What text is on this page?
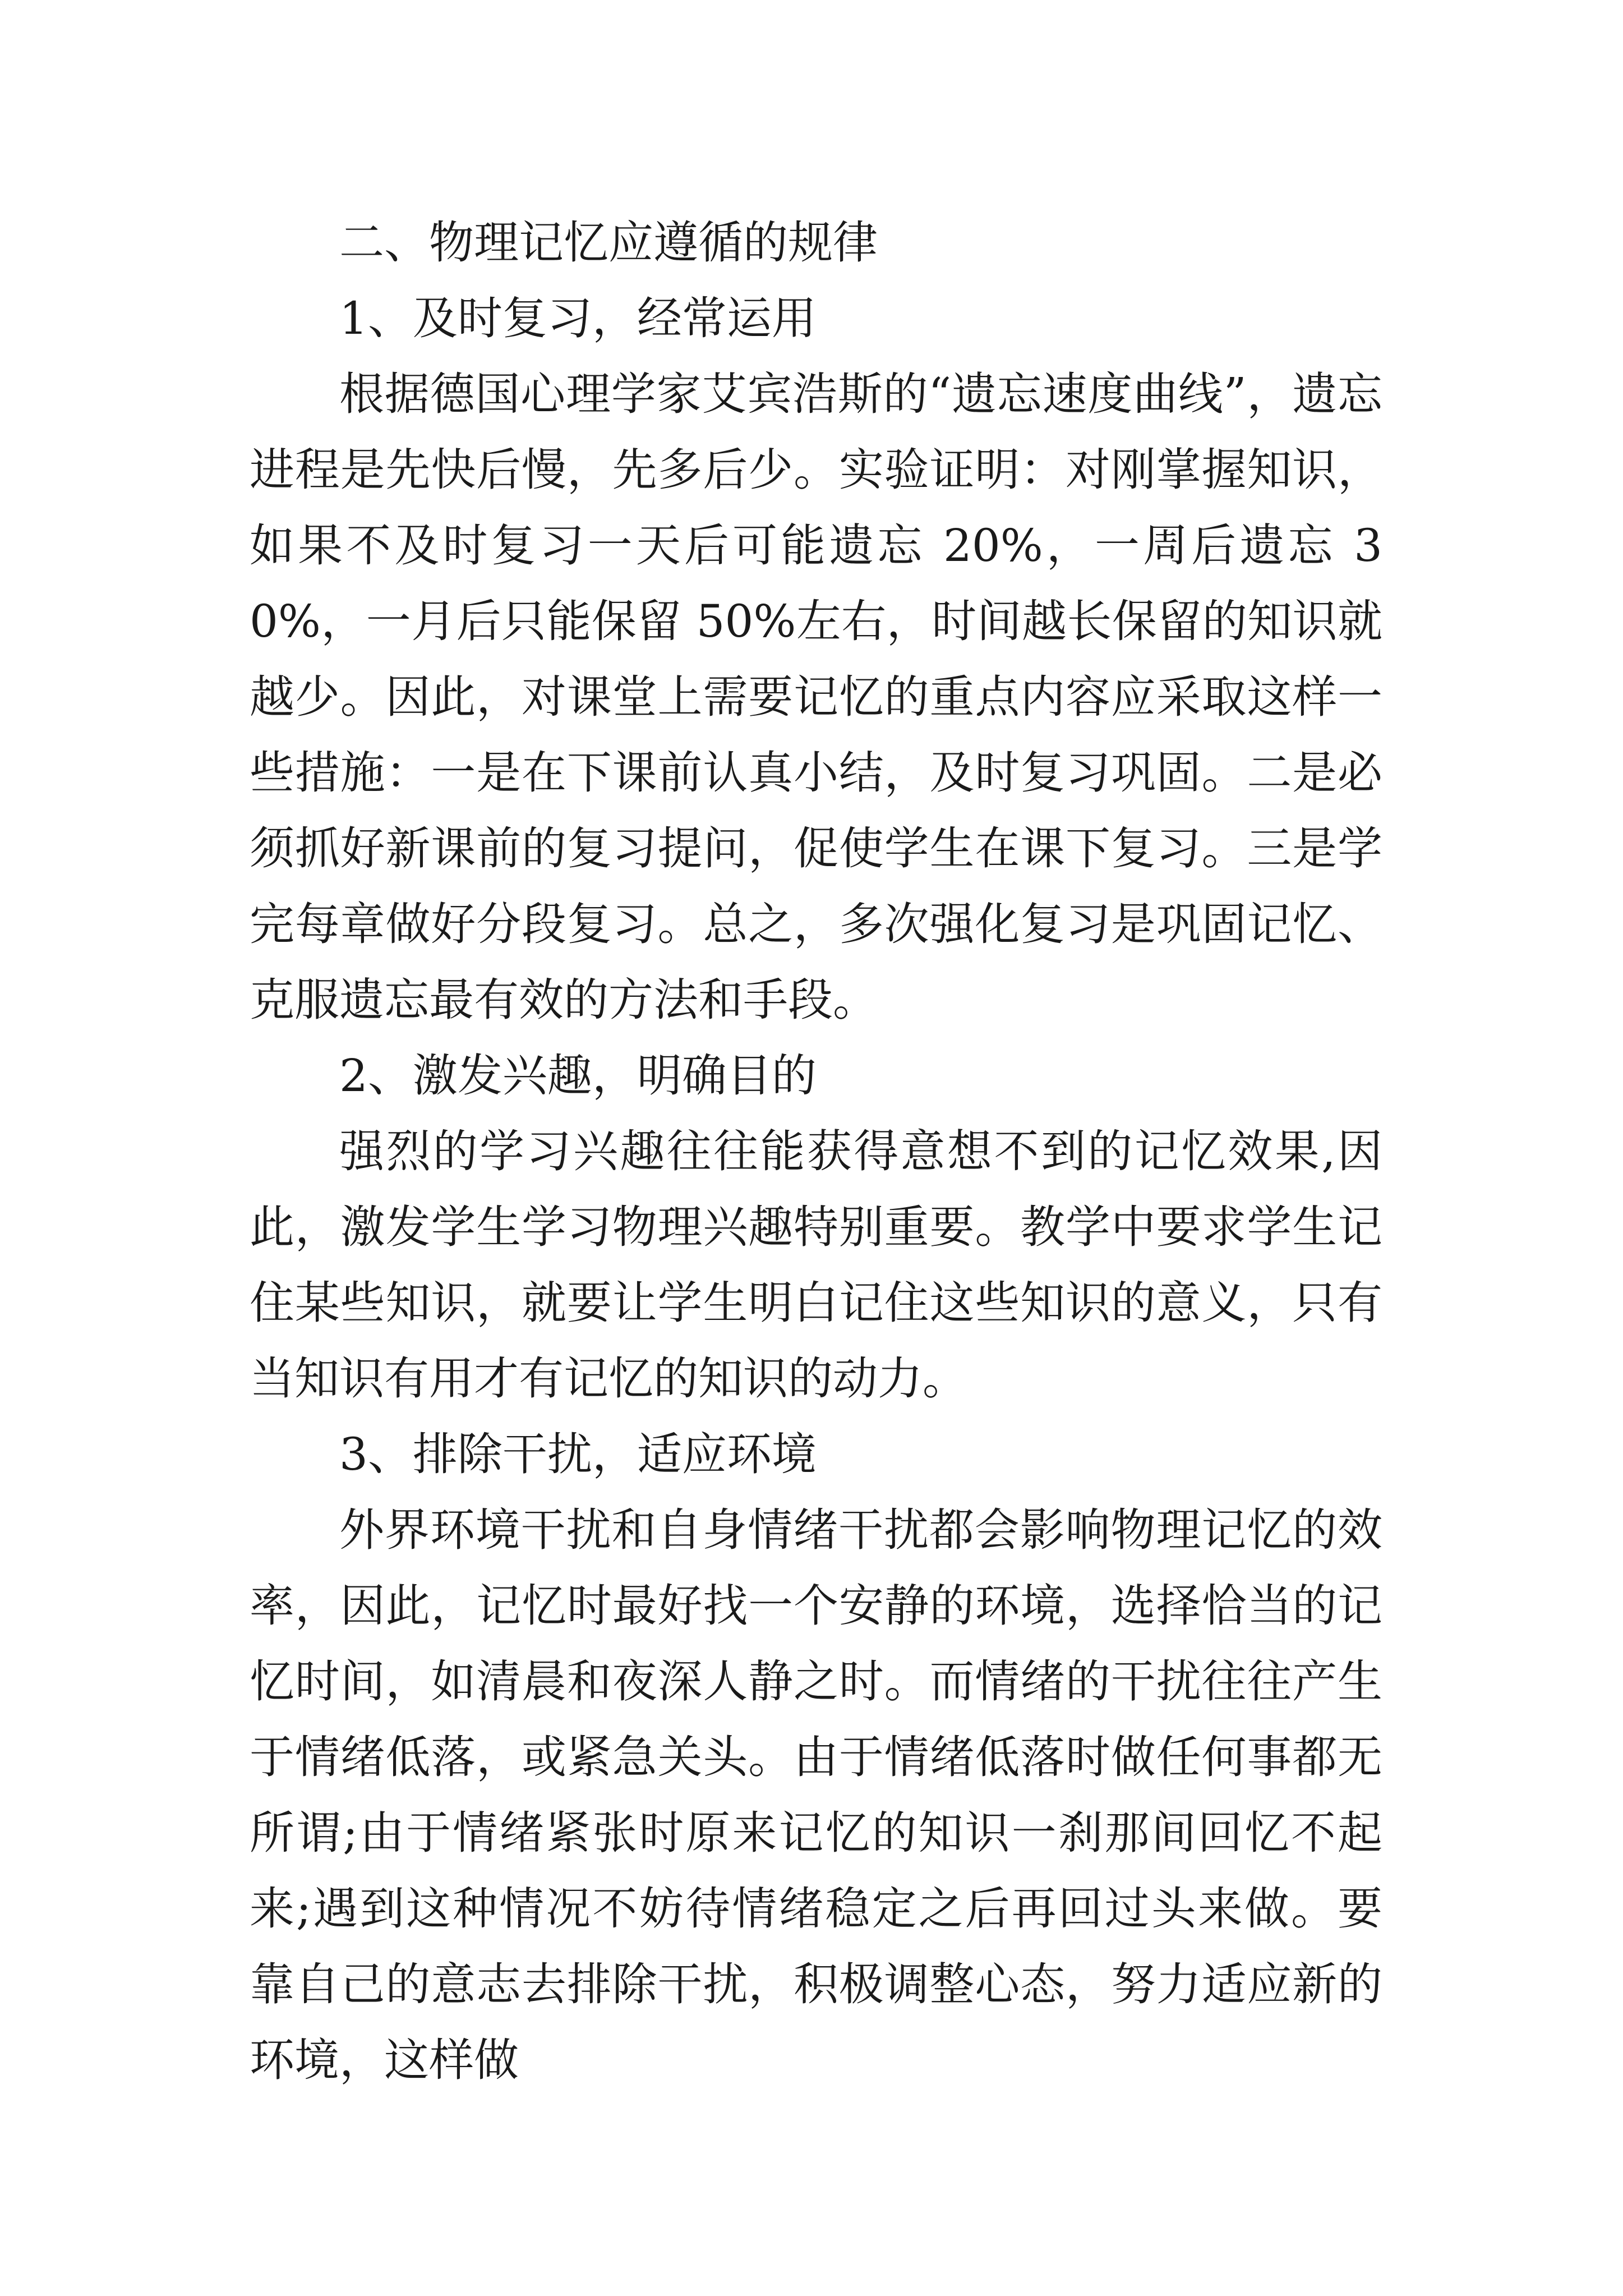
二、物理记忆应遵循的规律

1、及时复习，经常运用

根据德国心理学家艾宾浩斯的“遗忘速度曲线”，遗忘进程是先快后慢，先多后少。实验证明：对刚掌握知识，如果不及时复习一天后可能遗忘 20%，一周后遗忘 30%，一月后只能保留 50%左右，时间越长保留的知识就越少。因此，对课堂上需要记忆的重点内容应采取这样一些措施：一是在下课前认真小结，及时复习巩固。二是必须抓好新课前的复习提问，促使学生在课下复习。三是学完每章做好分段复习。总之，多次强化复习是巩固记忆、克服遗忘最有效的方法和手段。

2、激发兴趣，明确目的

强烈的学习兴趣往往能获得意想不到的记忆效果,因此，激发学生学习物理兴趣特别重要。教学中要求学生记住某些知识，就要让学生明白记住这些知识的意义，只有当知识有用才有记忆的知识的动力。

3、排除干扰，适应环境

外界环境干扰和自身情绪干扰都会影响物理记忆的效率，因此，记忆时最好找一个安静的环境，选择恰当的记忆时间，如清晨和夜深人静之时。而情绪的干扰往往产生于情绪低落，或紧急关头。由于情绪低落时做任何事都无所谓;由于情绪紧张时原来记忆的知识一刹那间回忆不起来;遇到这种情况不妨待情绪稳定之后再回过头来做。要靠自己的意志去排除干扰，积极调整心态，努力适应新的环境，这样做
